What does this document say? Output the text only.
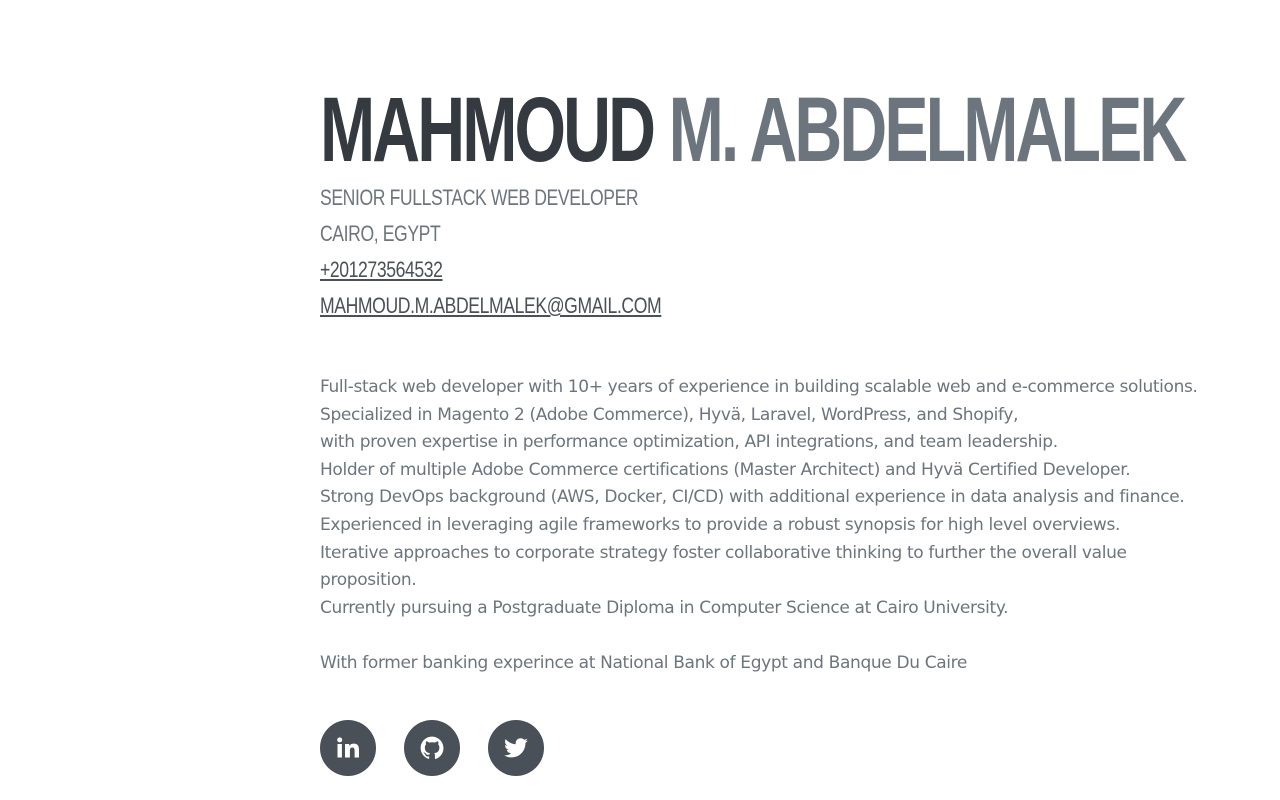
MAHMOUD M. ABDELMALEK
SENIOR FULLSTACK WEB DEVELOPER
CAIRO, EGYPT
+201273564532
MAHMOUD.M.ABDELMALEK@GMAIL.COM
Full-stack web developer with 10+ years of experience in building scalable web and e-commerce solutions.
Specialized in Magento 2 (Adobe Commerce), Hyvä, Laravel, WordPress, and Shopify,
with proven expertise in performance optimization, API integrations, and team leadership.
Holder of multiple Adobe Commerce certifications (Master Architect) and Hyvä Certified Developer.
Strong DevOps background (AWS, Docker, CI/CD) with additional experience in data analysis and finance.
Experienced in leveraging agile frameworks to provide a robust synopsis for high level overviews.
Iterative approaches to corporate strategy foster collaborative thinking to further the overall value proposition.
Currently pursuing a Postgraduate Diploma in Computer Science at Cairo University.
With former banking experince at National Bank of Egypt and Banque Du Caire
